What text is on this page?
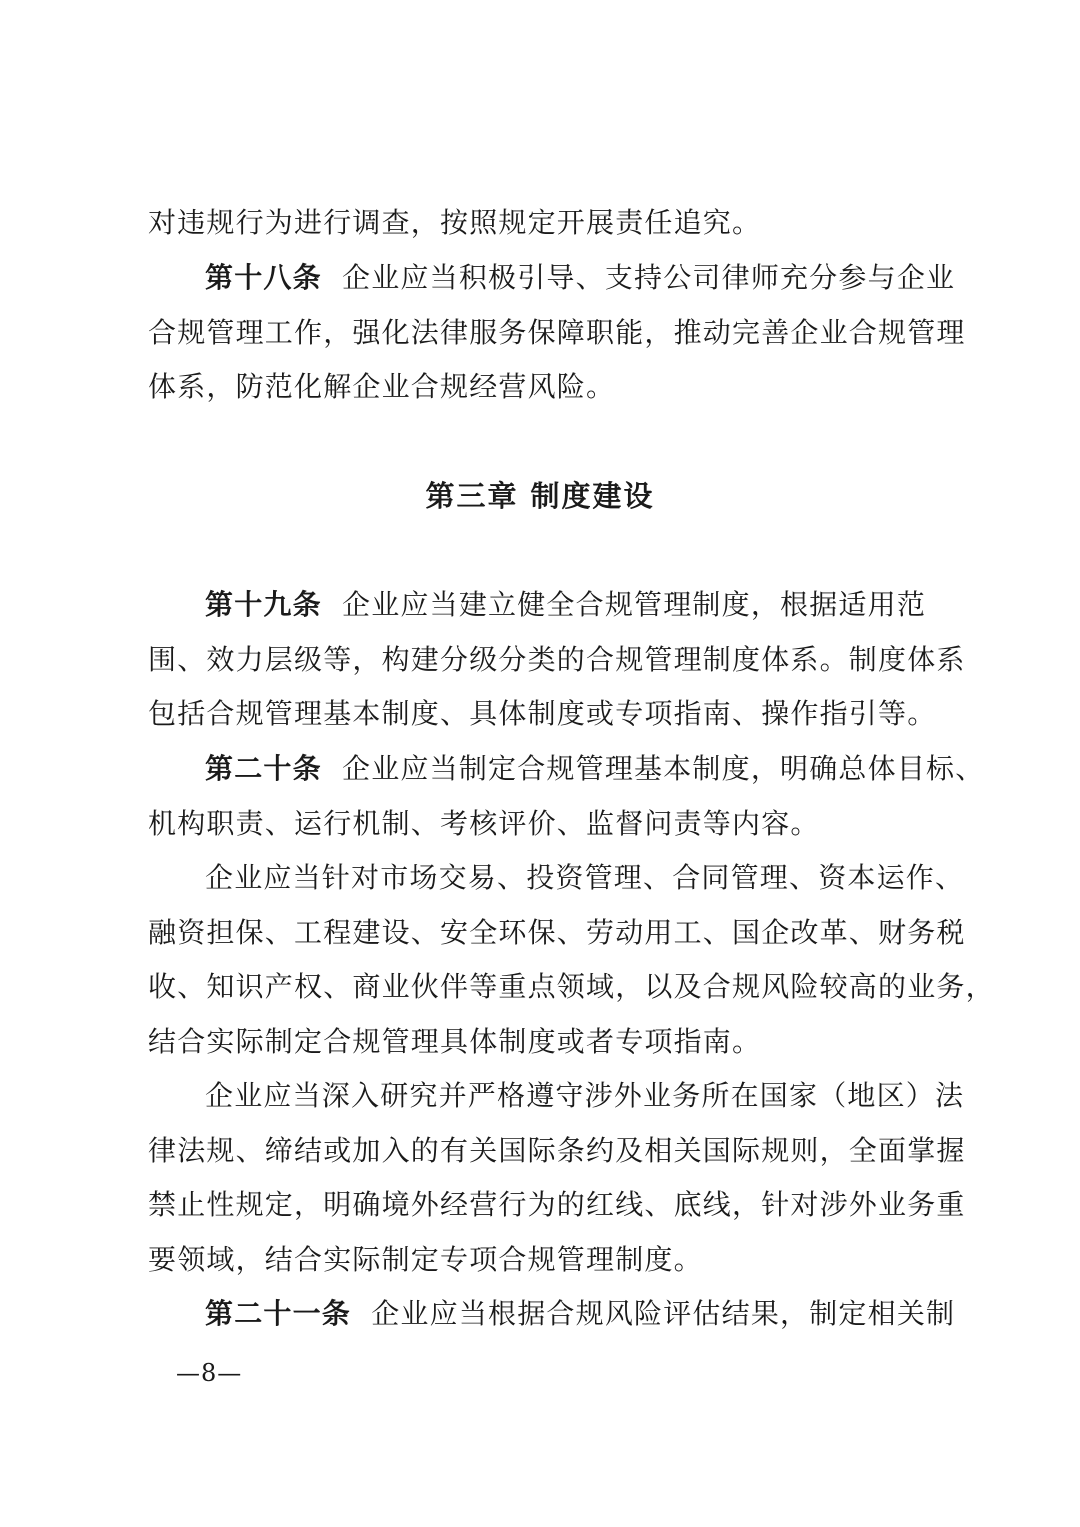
对违规行为进行调查，按照规定开展责任追究。
第十八条 企业应当积极引导、支持公司律师充分参与企业
合规管理工作，强化法律服务保障职能，推动完善企业合规管理
体系，防范化解企业合规经营风险。
第三章 制度建设
第十九条 企业应当建立健全合规管理制度，根据适用范
围、效力层级等，构建分级分类的合规管理制度体系。制度体系
包括合规管理基本制度、具体制度或专项指南、操作指引等。
第二十条 企业应当制定合规管理基本制度，明确总体目标、
机构职责、运行机制、考核评价、监督问责等内容。
企业应当针对市场交易、投资管理、合同管理、资本运作、
融资担保、工程建设、安全环保、劳动用工、国企改革、财务税
收、知识产权、商业伙伴等重点领域，以及合规风险较高的业务，
结合实际制定合规管理具体制度或者专项指南。
企业应当深入研究并严格遵守涉外业务所在国家（地区）法
律法规、缔结或加入的有关国际条约及相关国际规则，全面掌握
禁止性规定，明确境外经营行为的红线、底线，针对涉外业务重
要领域，结合实际制定专项合规管理制度。
第二十一条 企业应当根据合规风险评估结果，制定相关制
—8—
